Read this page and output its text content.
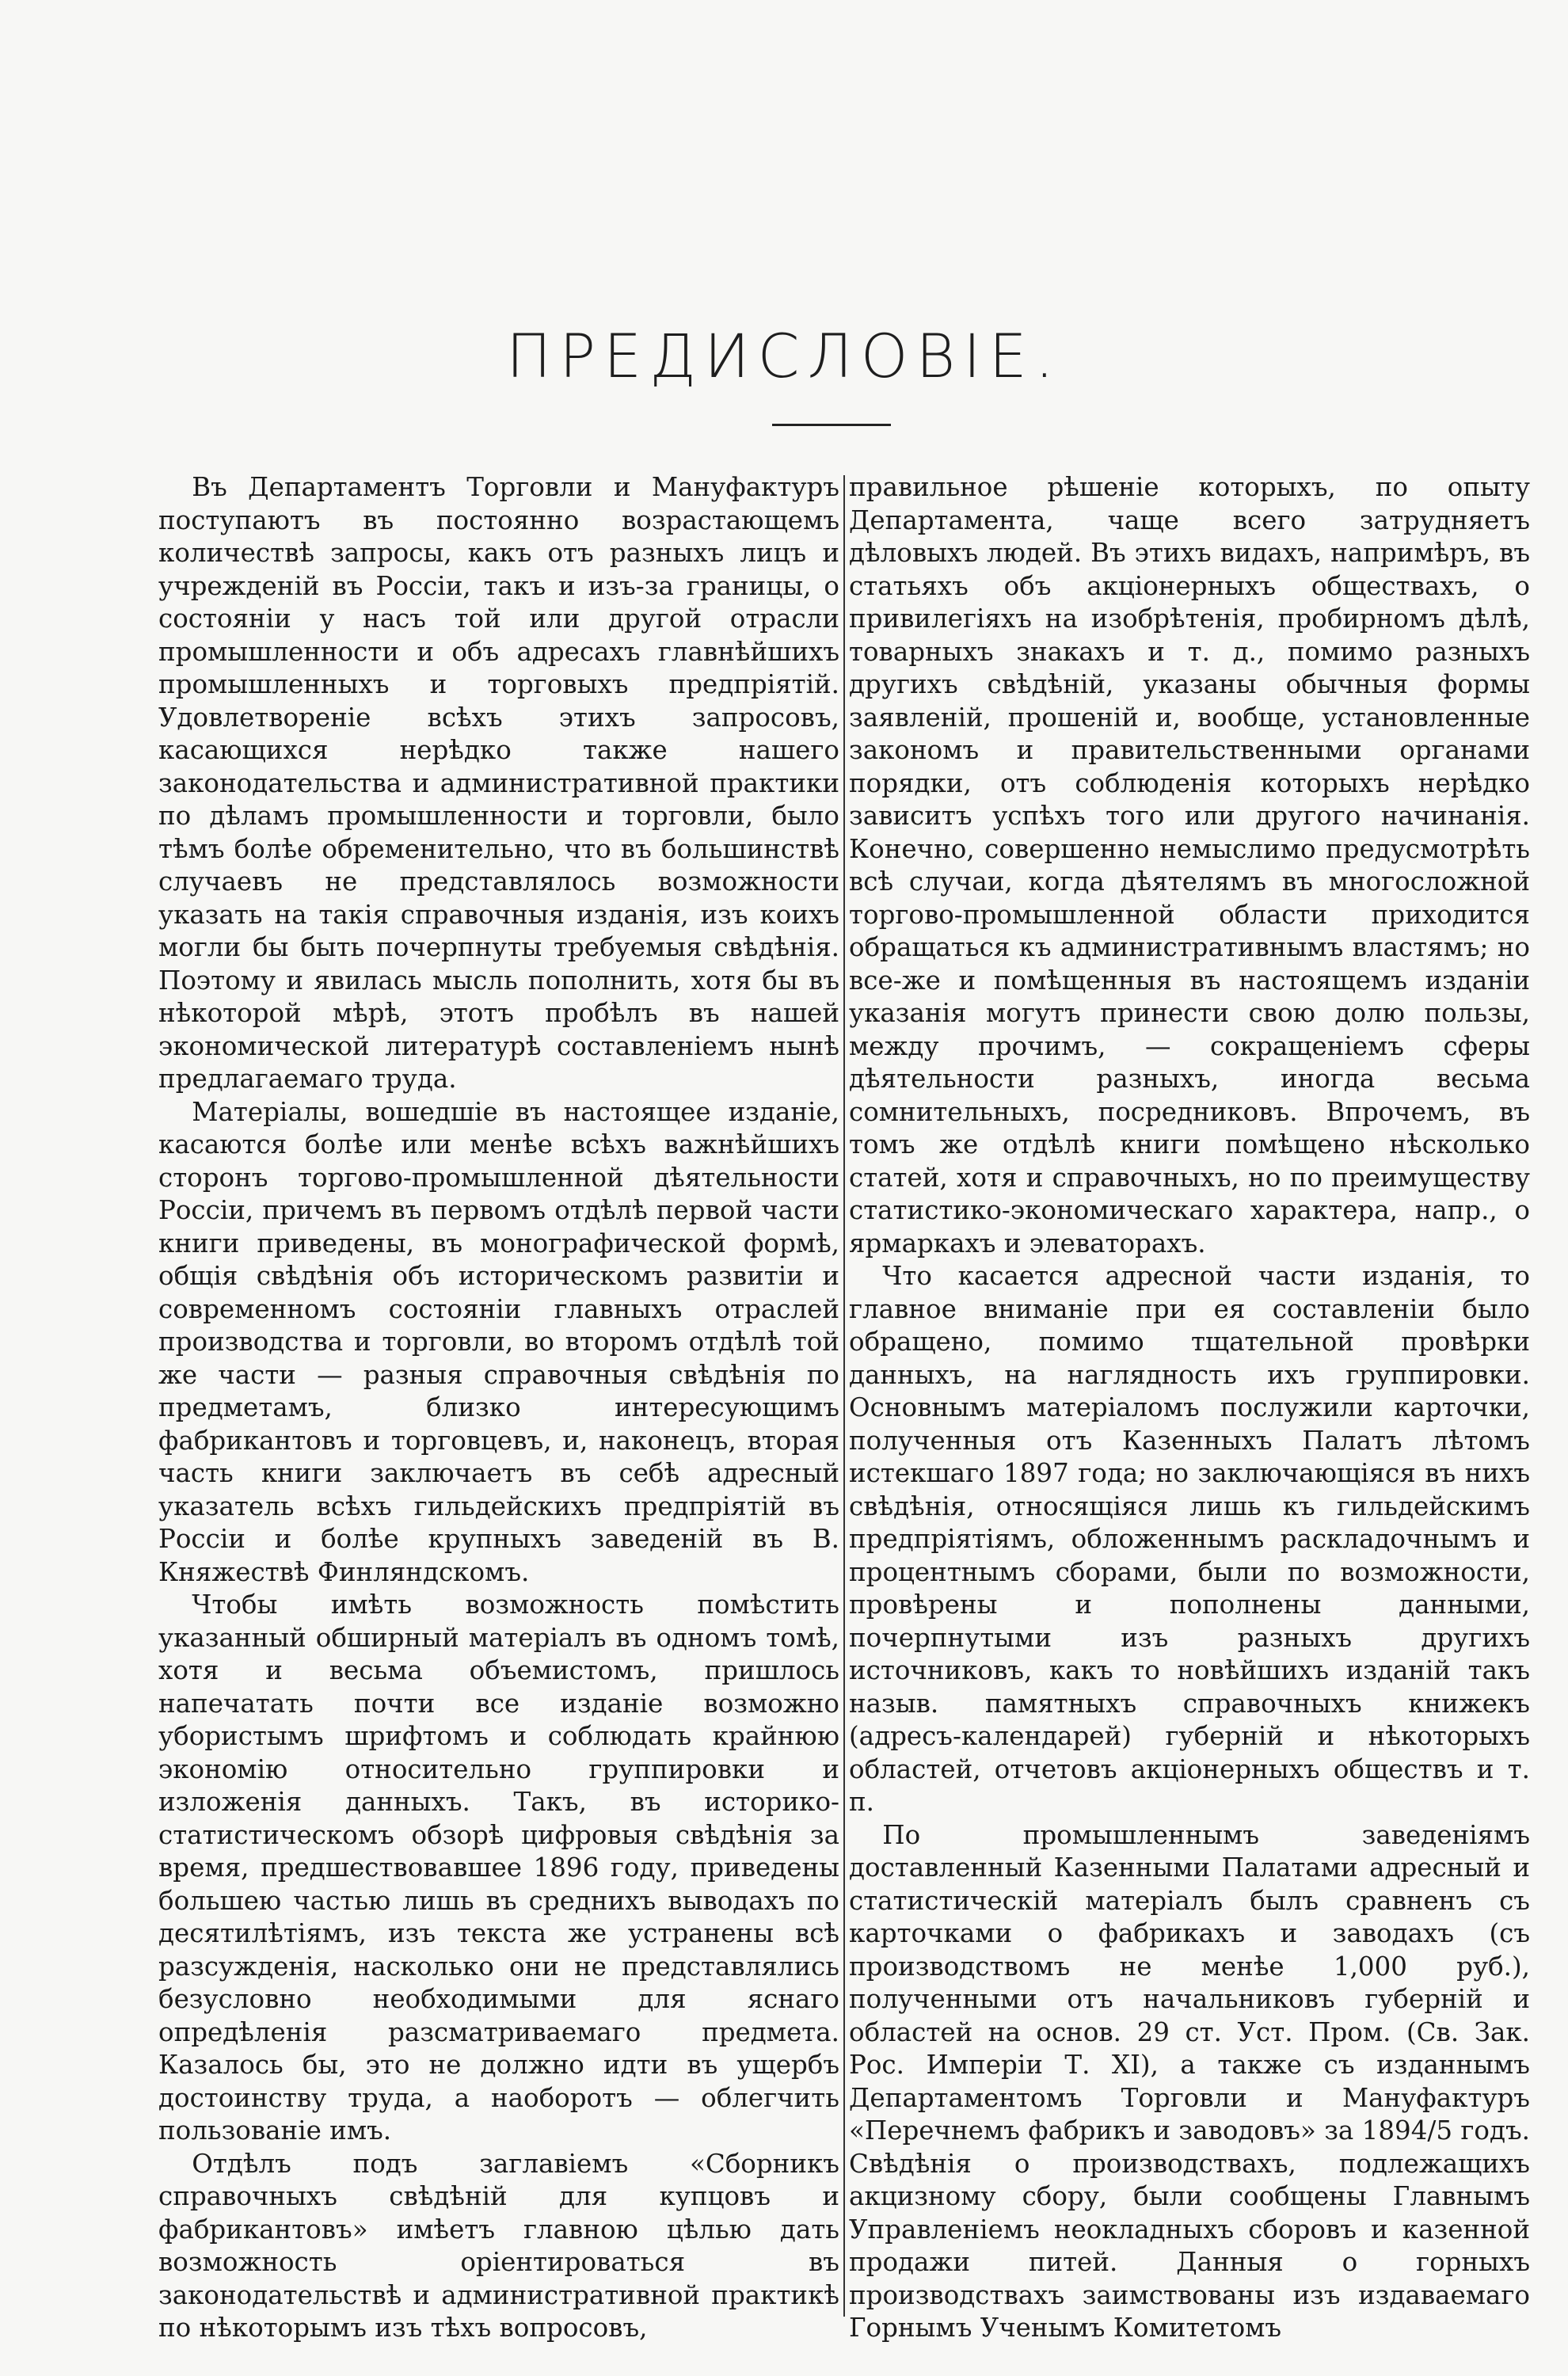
ПРЕДИСЛОВІЕ.

Въ Департаментъ Торговли и Мануфактуръ поступаютъ въ постоянно возрастающемъ количествѣ запросы, какъ отъ разныхъ лицъ и учрежденій въ Россіи, такъ и изъ-за границы, о состояніи у насъ той или другой отрасли промышленности и объ адресахъ главнѣйшихъ промышленныхъ и торговыхъ предпріятій. Удовлетвореніе всѣхъ этихъ запросовъ, касающихся нерѣдко также нашего законодательства и административной практики по дѣламъ промышленности и торговли, было тѣмъ болѣе обременительно, что въ большинствѣ случаевъ не представлялось возможности указать на такія справочныя изданія, изъ коихъ могли бы быть почерпнуты требуемыя свѣдѣнія. Поэтому и явилась мысль пополнить, хотя бы въ нѣкоторой мѣрѣ, этотъ пробѣлъ въ нашей экономической литературѣ составленіемъ нынѣ предлагаемаго труда.

Матеріалы, вошедшіе въ настоящее изданіе, касаются болѣе или менѣе всѣхъ важнѣйшихъ сторонъ торгово-промышленной дѣятельности Россіи, причемъ въ первомъ отдѣлѣ первой части книги приведены, въ монографической формѣ, общія свѣдѣнія объ историческомъ развитіи и современномъ состояніи главныхъ отраслей производства и торговли, во второмъ отдѣлѣ той же части — разныя справочныя свѣдѣнія по предметамъ, близко интересующимъ фабрикантовъ и торговцевъ, и, наконецъ, вторая часть книги заключаетъ въ себѣ адресный указатель всѣхъ гильдейскихъ предпріятій въ Россіи и болѣе крупныхъ заведеній въ В. Княжествѣ Финляндскомъ.

Чтобы имѣть возможность помѣстить указанный обширный матеріалъ въ одномъ томѣ, хотя и весьма объемистомъ, пришлось напечатать почти все изданіе возможно убористымъ шрифтомъ и соблюдать крайнюю экономію относительно группировки и изложенія данныхъ. Такъ, въ историко-статистическомъ обзорѣ цифровыя свѣдѣнія за время, предшествовавшее 1896 году, приведены большею частью лишь въ среднихъ выводахъ по десятилѣтіямъ, изъ текста же устранены всѣ разсужденія, насколько они не представлялись безусловно необходимыми для яснаго опредѣленія разсматриваемаго предмета. Казалось бы, это не должно идти въ ущербъ достоинству труда, а наоборотъ — облегчить пользованіе имъ.

Отдѣлъ подъ заглавіемъ «Сборникъ справочныхъ свѣдѣній для купцовъ и фабрикантовъ» имѣетъ главною цѣлью дать возможность оріентироваться въ законодательствѣ и административной практикѣ по нѣкоторымъ изъ тѣхъ вопросовъ,

правильное рѣшеніе которыхъ, по опыту Департамента, чаще всего затрудняетъ дѣловыхъ людей. Въ этихъ видахъ, напримѣръ, въ статьяхъ объ акціонерныхъ обществахъ, о привилегіяхъ на изобрѣтенія, пробирномъ дѣлѣ, товарныхъ знакахъ и т. д., помимо разныхъ другихъ свѣдѣній, указаны обычныя формы заявленій, прошеній и, вообще, установленные закономъ и правительственными органами порядки, отъ соблюденія которыхъ нерѣдко зависитъ успѣхъ того или другого начинанія. Конечно, совершенно немыслимо предусмотрѣть всѣ случаи, когда дѣятелямъ въ многосложной торгово-промышленной области приходится обращаться къ административнымъ властямъ; но все-же и помѣщенныя въ настоящемъ изданіи указанія могутъ принести свою долю пользы, между прочимъ, — сокращеніемъ сферы дѣятельности разныхъ, иногда весьма сомнительныхъ, посредниковъ. Впрочемъ, въ томъ же отдѣлѣ книги помѣщено нѣсколько статей, хотя и справочныхъ, но по преимуществу статистико-экономическаго характера, напр., о ярмаркахъ и элеваторахъ.

Что касается адресной части изданія, то главное вниманіе при ея составленіи было обращено, помимо тщательной провѣрки данныхъ, на наглядность ихъ группировки. Основнымъ матеріаломъ послужили карточки, полученныя отъ Казенныхъ Палатъ лѣтомъ истекшаго 1897 года; но заключающіяся въ нихъ свѣдѣнія, относящіяся лишь къ гильдейскимъ предпріятіямъ, обложеннымъ раскладочнымъ и процентнымъ сборами, были по возможности, провѣрены и пополнены данными, почерпнутыми изъ разныхъ другихъ источниковъ, какъ то новѣйшихъ изданій такъ назыв. памятныхъ справочныхъ книжекъ (адресъ-календарей) губерній и нѣкоторыхъ областей, отчетовъ акціонерныхъ обществъ и т. п.

По промышленнымъ заведеніямъ доставленный Казенными Палатами адресный и статистическій матеріалъ былъ сравненъ съ карточками о фабрикахъ и заводахъ (съ производствомъ не менѣе 1,000 руб.), полученными отъ начальниковъ губерній и областей на основ. 29 ст. Уст. Пром. (Св. Зак. Рос. Имперіи Т. XI), а также съ изданнымъ Департаментомъ Торговли и Мануфактуръ «Перечнемъ фабрикъ и заводовъ» за 1894/5 годъ. Свѣдѣнія о производствахъ, подлежащихъ акцизному сбору, были сообщены Главнымъ Управленіемъ неокладныхъ сборовъ и казенной продажи питей. Данныя о горныхъ производствахъ заимствованы изъ издаваемаго Горнымъ Ученымъ Комитетомъ
